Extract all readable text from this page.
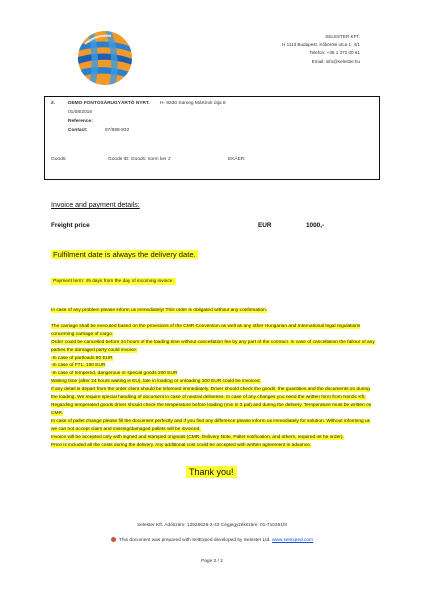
SELESTER KFT.
H 1113 Budapest, Kőkörösi utca 1. 4/1
Telefon: +36 1 372 00 61
Email: info@selester.hu
2.	DEMO FONTOSÁRUGYÁRTÓ NYRT. H- 8330 Sümeg Mártírok útja 8
01/08/2016
Reference:
Contact:	87/888-932
Goods:	Goods ID: Goods: norm ker 2	EKÁER:
Invoice and payment details:
Freight price	EUR	1000,-
Fulfilment date is always the delivery date.
Payment term: 45 days from the day of incoming invoice.
In case of any problem please inform us immediately! This order is obligated without any confirmation.
The carriage shall be executed based on the provisions of the CMR Convention as well as any other Hungarian and International legal regulations concerning carriage of cargo.
Order could be cancelled before 24 hours of the loading time without cancellation fee by any part of the contract. In case of cancellation the failour of any parties the damaged party could invoice:
-In case of partloads 80 EUR
-In case of FTL: 150 EUR
-In case of tempered, dangerous or special goods 200 EUR
Waiting time (after 24 hours waiting is EU), late in loading or unloading 100 EUR could be invoiced.
If any detail is depart from the order client should be informed immediately. Driver should check the goods, the quantities and the documents on during the loading. We require special handling of document in case of neutral deliveries. In case of any changes you need the written form from Nordic Kft.
Regarding temperated goods driver should check the temperature before loading (min in 3 pal) and during the delivery. Temperature must be written on CMR.
In case of pallet change please fill the document perfectly and if you find any difference please inform us immediately for solution. Without informing us we can not accept claim and missing/damaged pallets will be invoiced.
Invoice will be accepted only with signed and stamped originals (CMR, Delivery Note, Pallet notification, and others, required int he order).
Price is included all the costs during the delivery. Any additional cost could be accepted with written agreement in advance.
Thank you!
Selester Kft. Adószám: 12926626-2-43 Cégjegyzékszám: 01-710351/8
This document was prepared with SelExped developed by Selester Ltd. www.selexped.com
Page 2 / 2
